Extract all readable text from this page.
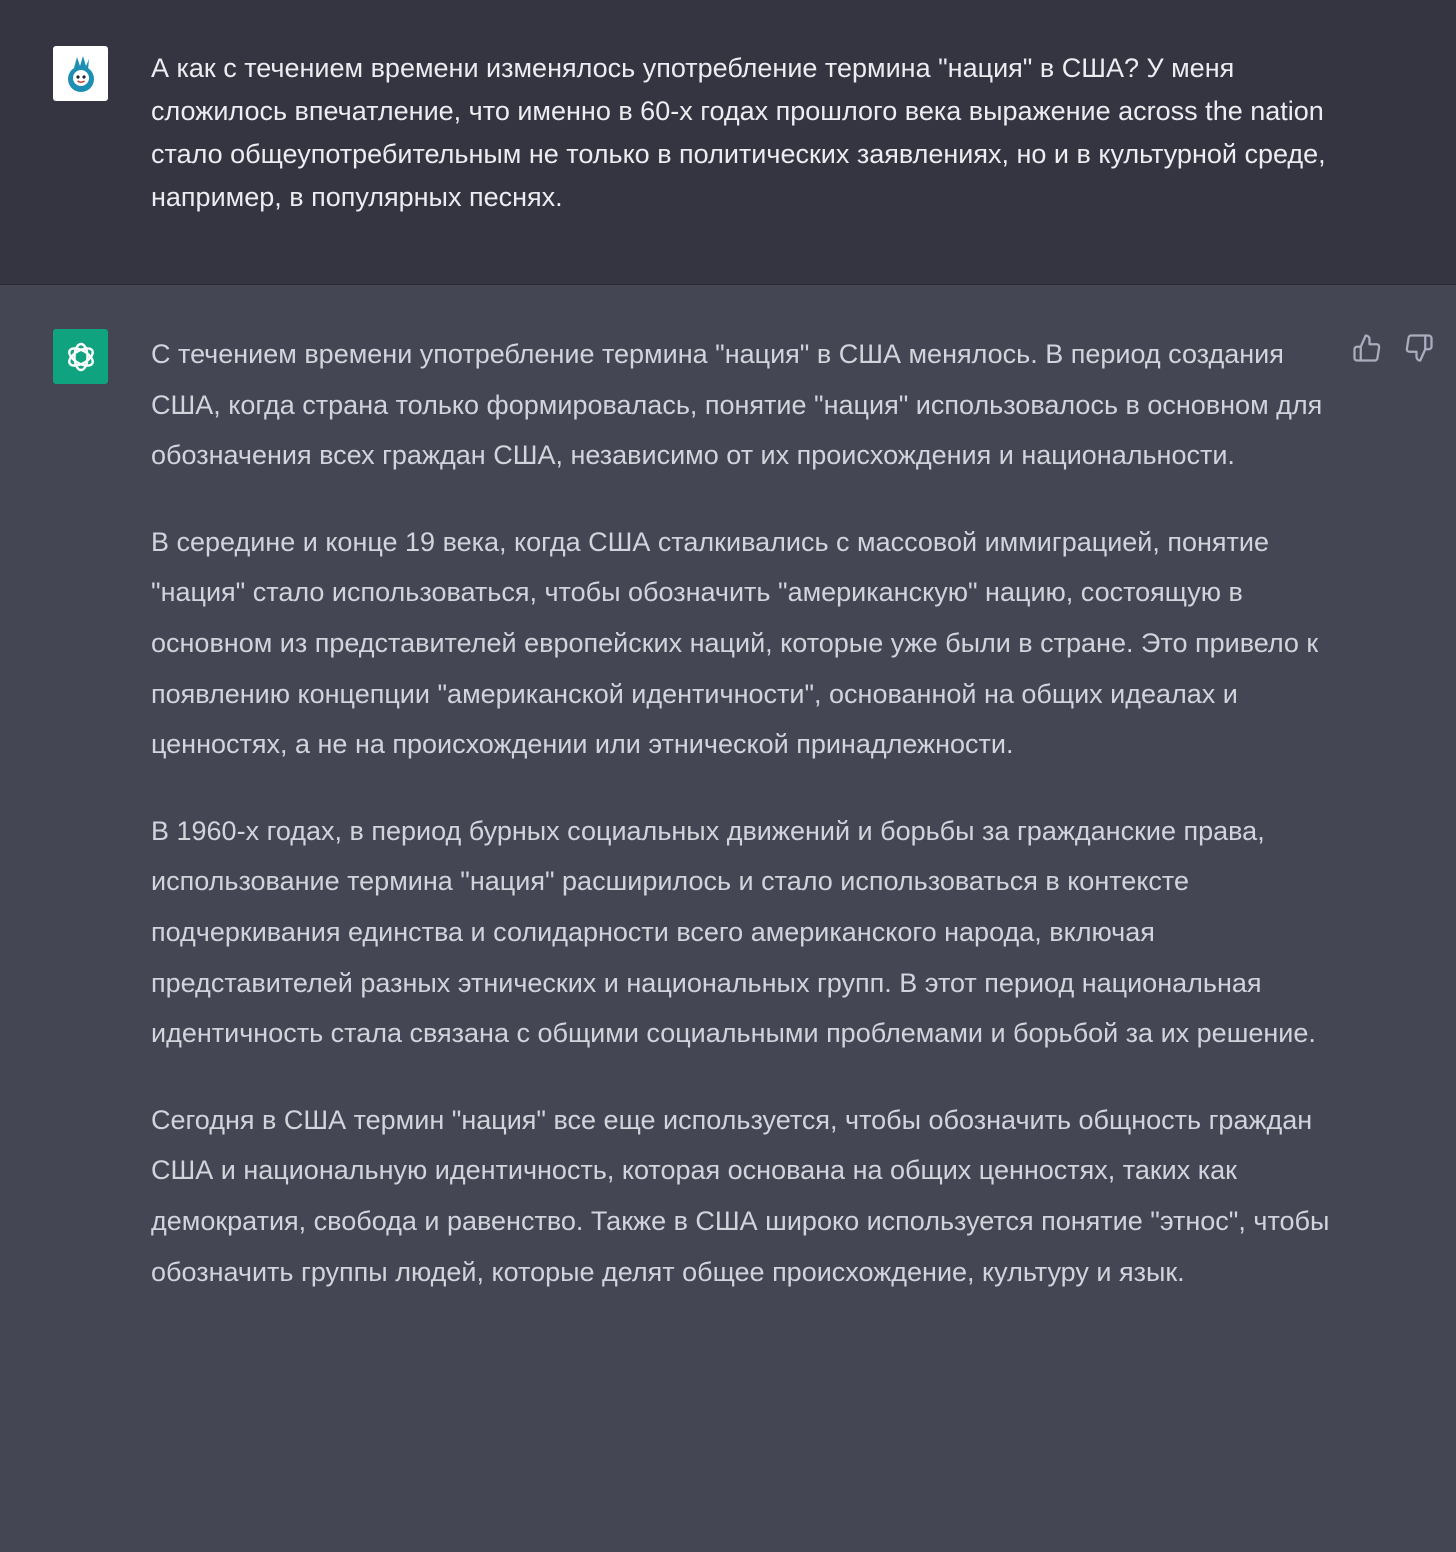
А как с течением времени изменялось употребление термина "нация" в США? У меня сложилось впечатление, что именно в 60-х годах прошлого века выражение across the nation стало общеупотребительным не только в политических заявлениях, но и в культурной среде, например, в популярных песнях.

С течением времени употребление термина "нация" в США менялось. В период создания США, когда страна только формировалась, понятие "нация" использовалось в основном для обозначения всех граждан США, независимо от их происхождения и национальности.

В середине и конце 19 века, когда США сталкивались с массовой иммиграцией, понятие "нация" стало использоваться, чтобы обозначить "американскую" нацию, состоящую в основном из представителей европейских наций, которые уже были в стране. Это привело к появлению концепции "американской идентичности", основанной на общих идеалах и ценностях, а не на происхождении или этнической принадлежности.

В 1960-х годах, в период бурных социальных движений и борьбы за гражданские права, использование термина "нация" расширилось и стало использоваться в контексте подчеркивания единства и солидарности всего американского народа, включая представителей разных этнических и национальных групп. В этот период национальная идентичность стала связана с общими социальными проблемами и борьбой за их решение.

Сегодня в США термин "нация" все еще используется, чтобы обозначить общность граждан США и национальную идентичность, которая основана на общих ценностях, таких как демократия, свобода и равенство. Также в США широко используется понятие "этнос", чтобы обозначить группы людей, которые делят общее происхождение, культуру и язык.
